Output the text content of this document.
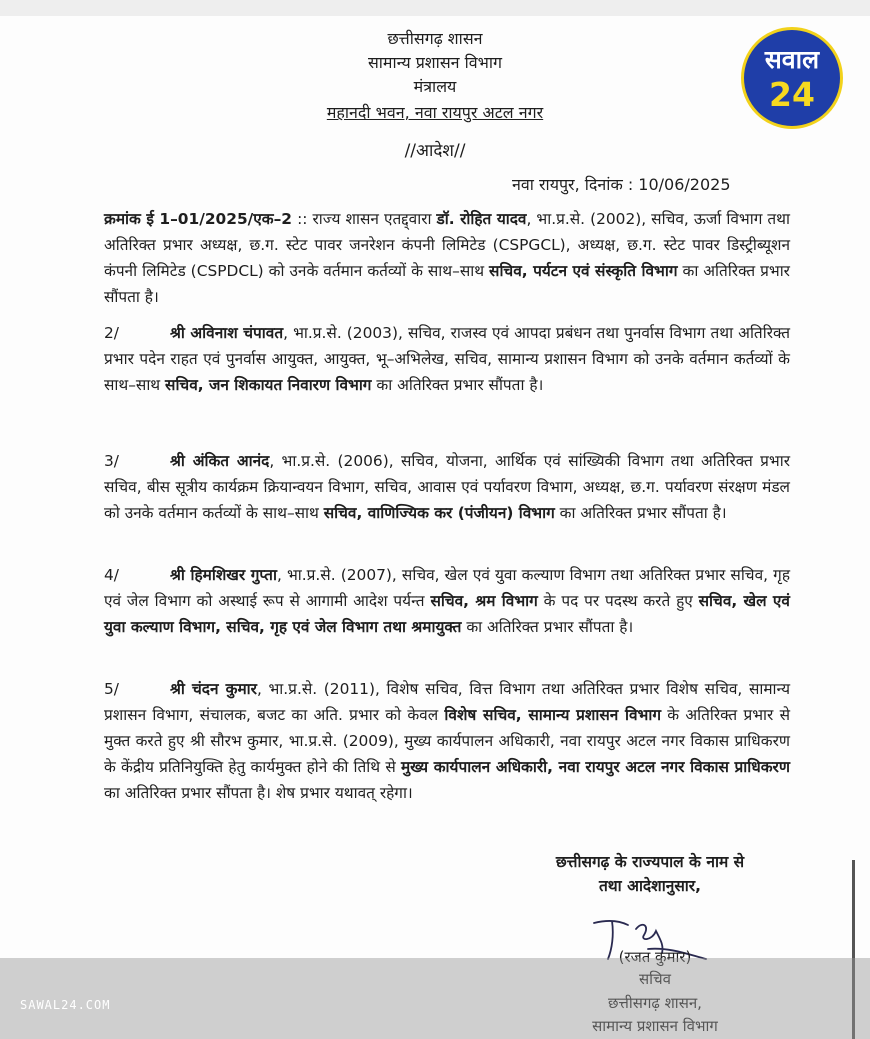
छत्तीसगढ़ शासन
सामान्य प्रशासन विभाग
मंत्रालय
महानदी भवन, नवा रायपुर अटल नगर
//आदेश//
नवा रायपुर, दिनांक : 10/06/2025

क्रमांक ई 1–01/2025/एक–2 :: राज्य शासन एतद्द्वारा डॉ. रोहित यादव, भा.प्र.से. (2002), सचिव, ऊर्जा विभाग तथा अतिरिक्त प्रभार अध्यक्ष, छ.ग. स्टेट पावर जनरेशन कंपनी लिमिटेड (CSPGCL), अध्यक्ष, छ.ग. स्टेट पावर डिस्ट्रीब्यूशन कंपनी लिमिटेड (CSPDCL) को उनके वर्तमान कर्तव्यों के साथ–साथ सचिव, पर्यटन एवं संस्कृति विभाग का अतिरिक्त प्रभार सौंपता है।

2/	श्री अविनाश चंपावत, भा.प्र.से. (2003), सचिव, राजस्व एवं आपदा प्रबंधन तथा पुनर्वास विभाग तथा अतिरिक्त प्रभार पदेन राहत एवं पुनर्वास आयुक्त, आयुक्त, भू–अभिलेख, सचिव, सामान्य प्रशासन विभाग को उनके वर्तमान कर्तव्यों के साथ–साथ सचिव, जन शिकायत निवारण विभाग का अतिरिक्त प्रभार सौंपता है।

3/	श्री अंकित आनंद, भा.प्र.से. (2006), सचिव, योजना, आर्थिक एवं सांख्यिकी विभाग तथा अतिरिक्त प्रभार सचिव, बीस सूत्रीय कार्यक्रम क्रियान्वयन विभाग, सचिव, आवास एवं पर्यावरण विभाग, अध्यक्ष, छ.ग. पर्यावरण संरक्षण मंडल को उनके वर्तमान कर्तव्यों के साथ–साथ सचिव, वाणिज्यिक कर (पंजीयन) विभाग का अतिरिक्त प्रभार सौंपता है।

4/	श्री हिमशिखर गुप्ता, भा.प्र.से. (2007), सचिव, खेल एवं युवा कल्याण विभाग तथा अतिरिक्त प्रभार सचिव, गृह एवं जेल विभाग को अस्थाई रूप से आगामी आदेश पर्यन्त सचिव, श्रम विभाग के पद पर पदस्थ करते हुए सचिव, खेल एवं युवा कल्याण विभाग, सचिव, गृह एवं जेल विभाग तथा श्रमायुक्त का अतिरिक्त प्रभार सौंपता है।

5/	श्री चंदन कुमार, भा.प्र.से. (2011), विशेष सचिव, वित्त विभाग तथा अतिरिक्त प्रभार विशेष सचिव, सामान्य प्रशासन विभाग, संचालक, बजट का अति. प्रभार को केवल विशेष सचिव, सामान्य प्रशासन विभाग के अतिरिक्त प्रभार से मुक्त करते हुए श्री सौरभ कुमार, भा.प्र.से. (2009), मुख्य कार्यपालन अधिकारी, नवा रायपुर अटल नगर विकास प्राधिकरण के केंद्रीय प्रतिनियुक्ति हेतु कार्यमुक्त होने की तिथि से मुख्य कार्यपालन अधिकारी, नवा रायपुर अटल नगर विकास प्राधिकरण का अतिरिक्त प्रभार सौंपता है। शेष प्रभार यथावत् रहेगा।

छत्तीसगढ़ के राज्यपाल के नाम से
तथा आदेशानुसार,
(रजत कुमार)
सचिव
छत्तीसगढ़ शासन,
सामान्य प्रशासन विभाग
SAWAL24.COM
सवाल
24
